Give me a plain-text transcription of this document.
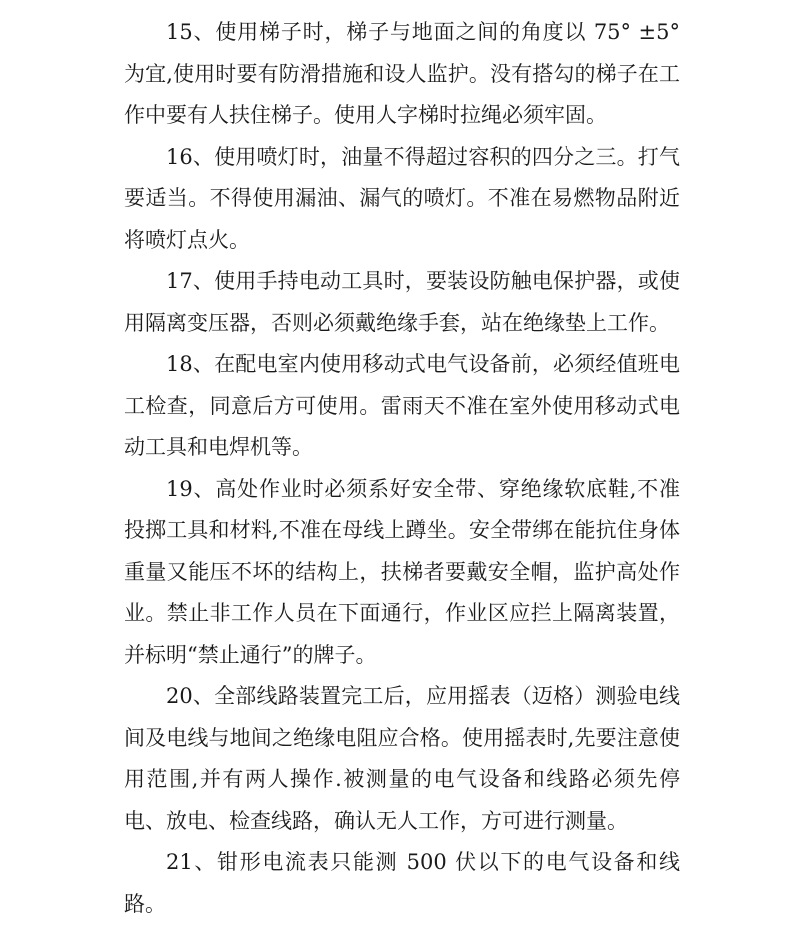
15、使用梯子时，梯子与地面之间的角度以 75° ±5° 为宜,使用时要有防滑措施和设人监护。没有搭勾的梯子在工作中要有人扶住梯子。使用人字梯时拉绳必须牢固。

16、使用喷灯时，油量不得超过容积的四分之三。打气要适当。不得使用漏油、漏气的喷灯。不准在易燃物品附近将喷灯点火。

17、使用手持电动工具时，要装设防触电保护器，或使用隔离变压器，否则必须戴绝缘手套，站在绝缘垫上工作。

18、在配电室内使用移动式电气设备前，必须经值班电工检查，同意后方可使用。雷雨天不准在室外使用移动式电动工具和电焊机等。

19、高处作业时必须系好安全带、穿绝缘软底鞋,不准投掷工具和材料,不准在母线上蹲坐。安全带绑在能抗住身体重量又能压不坏的结构上，扶梯者要戴安全帽，监护高处作业。禁止非工作人员在下面通行，作业区应拦上隔离装置，并标明“禁止通行”的牌子。

20、全部线路装置完工后，应用摇表（迈格）测验电线间及电线与地间之绝缘电阻应合格。使用摇表时,先要注意使用范围,并有两人操作.被测量的电气设备和线路必须先停电、放电、检查线路，确认无人工作，方可进行测量。

21、钳形电流表只能测 500 伏以下的电气设备和线路。
